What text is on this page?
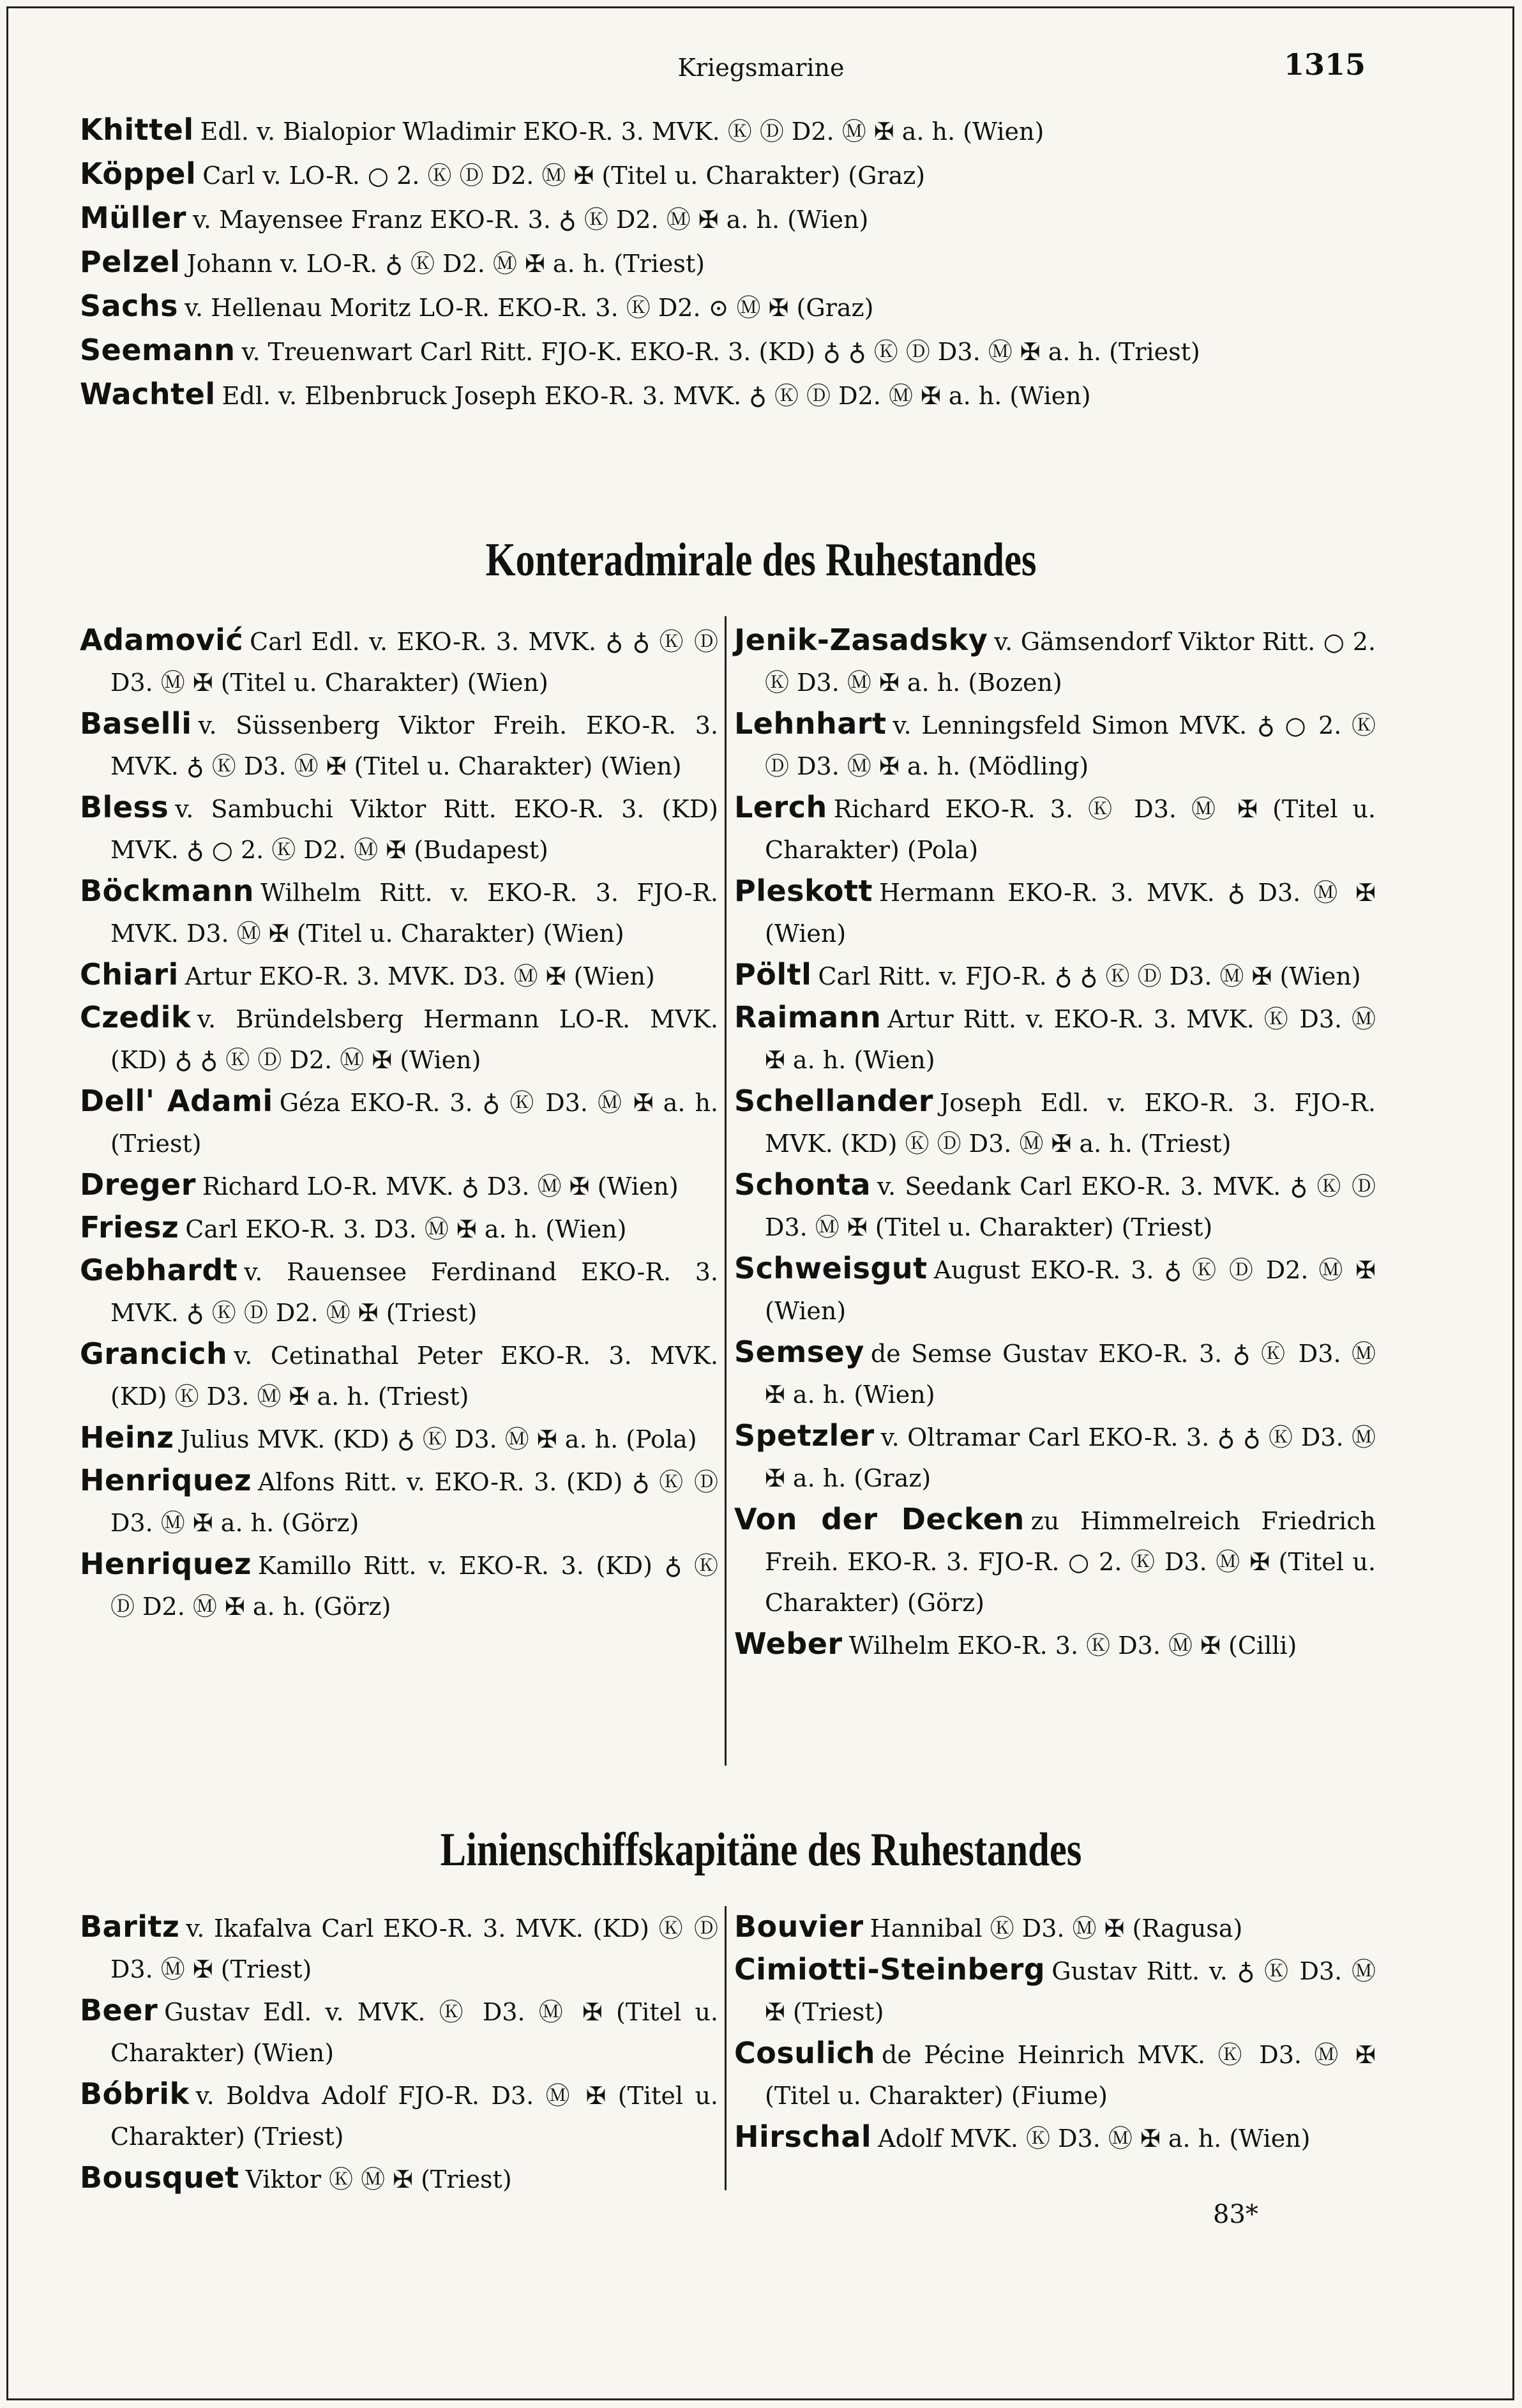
Kriegsmarine	1315
Khittel Edl. v. Bialopior Wladimir EKO-R. 3. MVK. Ⓚ Ⓓ D2. Ⓜ ✠ a. h. (Wien)
Köppel Carl v. LO-R. ○ 2. Ⓚ Ⓓ D2. Ⓜ ✠ (Titel u. Charakter) (Graz)
Müller v. Mayensee Franz EKO-R. 3. ♁ Ⓚ D2. Ⓜ ✠ a. h. (Wien)
Pelzel Johann v. LO-R. ♁ Ⓚ D2. Ⓜ ✠ a. h. (Triest)
Sachs v. Hellenau Moritz LO-R. EKO-R. 3. Ⓚ D2. ⊙ Ⓜ ✠ (Graz)
Seemann v. Treuenwart Carl Ritt. FJO-K. EKO-R. 3. (KD) ♁ ♁ Ⓚ Ⓓ D3. Ⓜ ✠ a. h. (Triest)
Wachtel Edl. v. Elbenbruck Joseph EKO-R. 3. MVK. ♁ Ⓚ Ⓓ D2. Ⓜ ✠ a. h. (Wien)
Konteradmirale des Ruhestandes
Adamović Carl Edl. v. EKO-R. 3. MVK. ♁ ♁ Ⓚ Ⓓ D3. Ⓜ ✠ (Titel u. Charakter) (Wien)
Baselli v. Süssenberg Viktor Freih. EKO-R. 3. MVK. ♁ Ⓚ D3. Ⓜ ✠ (Titel u. Charakter) (Wien)
Bless v. Sambuchi Viktor Ritt. EKO-R. 3. (KD) MVK. ♁ ○ 2. Ⓚ D2. Ⓜ ✠ (Budapest)
Böckmann Wilhelm Ritt. v. EKO-R. 3. FJO-R. MVK. D3. Ⓜ ✠ (Titel u. Charakter) (Wien)
Chiari Artur EKO-R. 3. MVK. D3. Ⓜ ✠ (Wien)
Czedik v. Bründelsberg Hermann LO-R. MVK. (KD) ♁ ♁ Ⓚ Ⓓ D2. Ⓜ ✠ (Wien)
Dell' Adami Géza EKO-R. 3. ♁ Ⓚ D3. Ⓜ ✠ a. h. (Triest)
Dreger Richard LO-R. MVK. ♁ D3. Ⓜ ✠ (Wien)
Friesz Carl EKO-R. 3. D3. Ⓜ ✠ a. h. (Wien)
Gebhardt v. Rauensee Ferdinand EKO-R. 3. MVK. ♁ Ⓚ Ⓓ D2. Ⓜ ✠ (Triest)
Grancich v. Cetinathal Peter EKO-R. 3. MVK. (KD) Ⓚ D3. Ⓜ ✠ a. h. (Triest)
Heinz Julius MVK. (KD) ♁ Ⓚ D3. Ⓜ ✠ a. h. (Pola)
Henriquez Alfons Ritt. v. EKO-R. 3. (KD) ♁ Ⓚ Ⓓ D3. Ⓜ ✠ a. h. (Görz)
Henriquez Kamillo Ritt. v. EKO-R. 3. (KD) ♁ Ⓚ Ⓓ D2. Ⓜ ✠ a. h. (Görz)
Jenik-Zasadsky v. Gämsendorf Viktor Ritt. ○ 2. Ⓚ D3. Ⓜ ✠ a. h. (Bozen)
Lehnhart v. Lenningsfeld Simon MVK. ♁ ○ 2. Ⓚ Ⓓ D3. Ⓜ ✠ a. h. (Mödling)
Lerch Richard EKO-R. 3. Ⓚ D3. Ⓜ ✠ (Titel u. Charakter) (Pola)
Pleskott Hermann EKO-R. 3. MVK. ♁ D3. Ⓜ ✠ (Wien)
Pöltl Carl Ritt. v. FJO-R. ♁ ♁ Ⓚ Ⓓ D3. Ⓜ ✠ (Wien)
Raimann Artur Ritt. v. EKO-R. 3. MVK. Ⓚ D3. Ⓜ ✠ a. h. (Wien)
Schellander Joseph Edl. v. EKO-R. 3. FJO-R. MVK. (KD) Ⓚ Ⓓ D3. Ⓜ ✠ a. h. (Triest)
Schonta v. Seedank Carl EKO-R. 3. MVK. ♁ Ⓚ Ⓓ D3. Ⓜ ✠ (Titel u. Charakter) (Triest)
Schweisgut August EKO-R. 3. ♁ Ⓚ Ⓓ D2. Ⓜ ✠ (Wien)
Semsey de Semse Gustav EKO-R. 3. ♁ Ⓚ D3. Ⓜ ✠ a. h. (Wien)
Spetzler v. Oltramar Carl EKO-R. 3. ♁ ♁ Ⓚ D3. Ⓜ ✠ a. h. (Graz)
Von der Decken zu Himmelreich Friedrich Freih. EKO-R. 3. FJO-R. ○ 2. Ⓚ D3. Ⓜ ✠ (Titel u. Charakter) (Görz)
Weber Wilhelm EKO-R. 3. Ⓚ D3. Ⓜ ✠ (Cilli)
Linienschiffskapitäne des Ruhestandes
Baritz v. Ikafalva Carl EKO-R. 3. MVK. (KD) Ⓚ Ⓓ D3. Ⓜ ✠ (Triest)
Beer Gustav Edl. v. MVK. Ⓚ D3. Ⓜ ✠ (Titel u. Charakter) (Wien)
Bóbrik v. Boldva Adolf FJO-R. D3. Ⓜ ✠ (Titel u. Charakter) (Triest)
Bousquet Viktor Ⓚ Ⓜ ✠ (Triest)
Bouvier Hannibal Ⓚ D3. Ⓜ ✠ (Ragusa)
Cimiotti-Steinberg Gustav Ritt. v. ♁ Ⓚ D3. Ⓜ ✠ (Triest)
Cosulich de Pécine Heinrich MVK. Ⓚ D3. Ⓜ ✠ (Titel u. Charakter) (Fiume)
Hirschal Adolf MVK. Ⓚ D3. Ⓜ ✠ a. h. (Wien)
83*
